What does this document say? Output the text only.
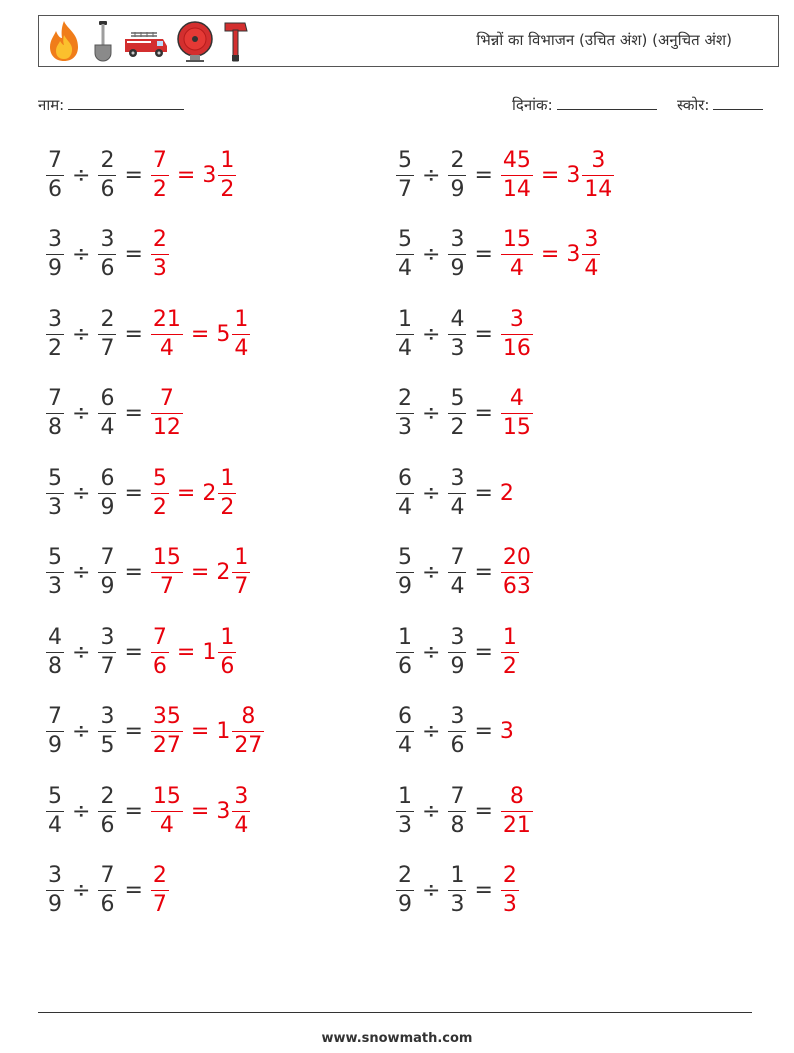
भिन्नों का विभाजन (उचित अंश) (अनुचित अंश)
नाम:	दिनांक:	स्कोर:
$\frac{7}{6} \div \frac{2}{6} = \frac{7}{2} = 3 \frac{1}{2}$	$\frac{5}{7} \div \frac{2}{9} = \frac{45}{14} = 3 \frac{3}{14}$
$\frac{3}{9} \div \frac{3}{6} = \frac{2}{3}$	$\frac{5}{4} \div \frac{3}{9} = \frac{15}{4} = 3 \frac{3}{4}$
$\frac{3}{2} \div \frac{2}{7} = \frac{21}{4} = 5 \frac{1}{4}$	$\frac{1}{4} \div \frac{4}{3} = \frac{3}{16}$
$\frac{7}{8} \div \frac{6}{4} = \frac{7}{12}$	$\frac{2}{3} \div \frac{5}{2} = \frac{4}{15}$
$\frac{5}{3} \div \frac{6}{9} = \frac{5}{2} = 2 \frac{1}{2}$	$\frac{6}{4} \div \frac{3}{4} = 2$
$\frac{5}{3} \div \frac{7}{9} = \frac{15}{7} = 2 \frac{1}{7}$	$\frac{5}{9} \div \frac{7}{4} = \frac{20}{63}$
$\frac{4}{8} \div \frac{3}{7} = \frac{7}{6} = 1 \frac{1}{6}$	$\frac{1}{6} \div \frac{3}{9} = \frac{1}{2}$
$\frac{7}{9} \div \frac{3}{5} = \frac{35}{27} = 1 \frac{8}{27}$	$\frac{6}{4} \div \frac{3}{6} = 3$
$\frac{5}{4} \div \frac{2}{6} = \frac{15}{4} = 3 \frac{3}{4}$	$\frac{1}{3} \div \frac{7}{8} = \frac{8}{21}$
$\frac{3}{9} \div \frac{7}{6} = \frac{2}{7}$	$\frac{2}{9} \div \frac{1}{3} = \frac{2}{3}$
www.snowmath.com
